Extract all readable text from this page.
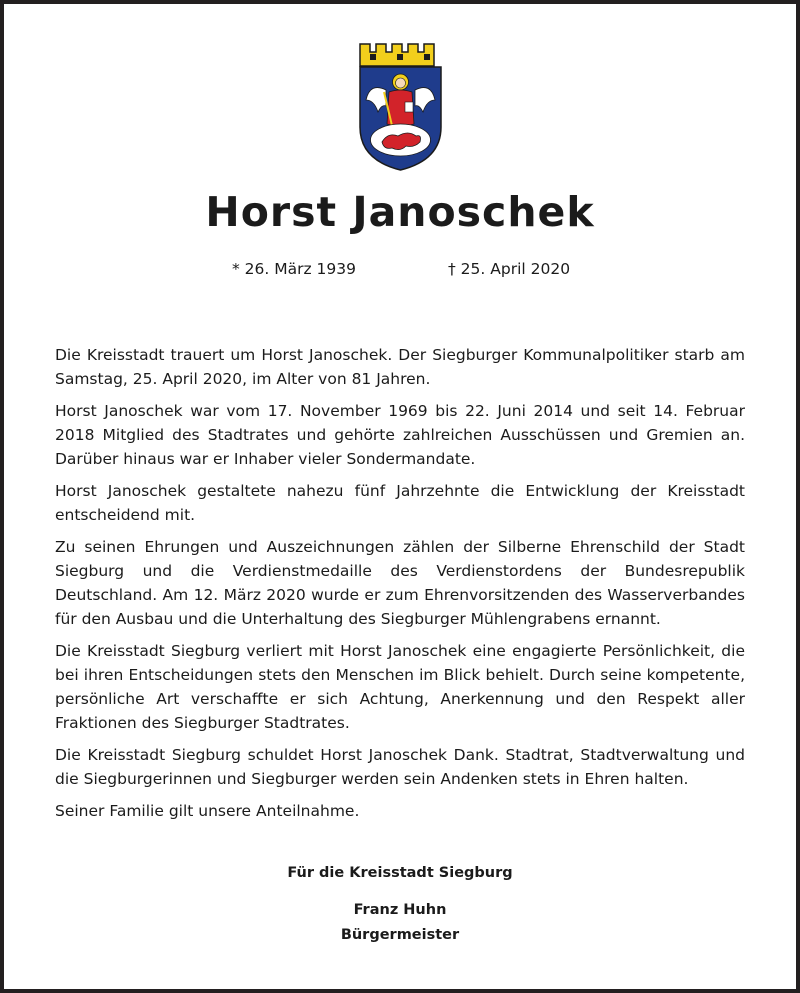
Horst Janoschek
* 26. März 1939	† 25. April 2020

Die Kreisstadt trauert um Horst Janoschek. Der Siegburger Kommunalpolitiker starb am Samstag, 25. April 2020, im Alter von 81 Jahren.

Horst Janoschek war vom 17. November 1969 bis 22. Juni 2014 und seit 14. Februar 2018 Mitglied des Stadtrates und gehörte zahlreichen Ausschüssen und Gremien an. Darüber hinaus war er Inhaber vieler Sondermandate.

Horst Janoschek gestaltete nahezu fünf Jahrzehnte die Entwicklung der Kreisstadt entscheidend mit.

Zu seinen Ehrungen und Auszeichnungen zählen der Silberne Ehrenschild der Stadt Siegburg und die Verdienstmedaille des Verdienstordens der Bundesrepublik Deutschland. Am 12. März 2020 wurde er zum Ehrenvorsitzenden des Wasserverbandes für den Ausbau und die Unterhaltung des Siegburger Mühlengrabens ernannt.

Die Kreisstadt Siegburg verliert mit Horst Janoschek eine engagierte Persönlichkeit, die bei ihren Entscheidungen stets den Menschen im Blick behielt. Durch seine kompetente, persönliche Art verschaffte er sich Achtung, Anerkennung und den Respekt aller Fraktionen des Siegburger Stadtrates.

Die Kreisstadt Siegburg schuldet Horst Janoschek Dank. Stadtrat, Stadtverwaltung und die Siegburgerinnen und Siegburger werden sein Andenken stets in Ehren halten.

Seiner Familie gilt unsere Anteilnahme.

Für die Kreisstadt Siegburg
Franz Huhn
Bürgermeister
